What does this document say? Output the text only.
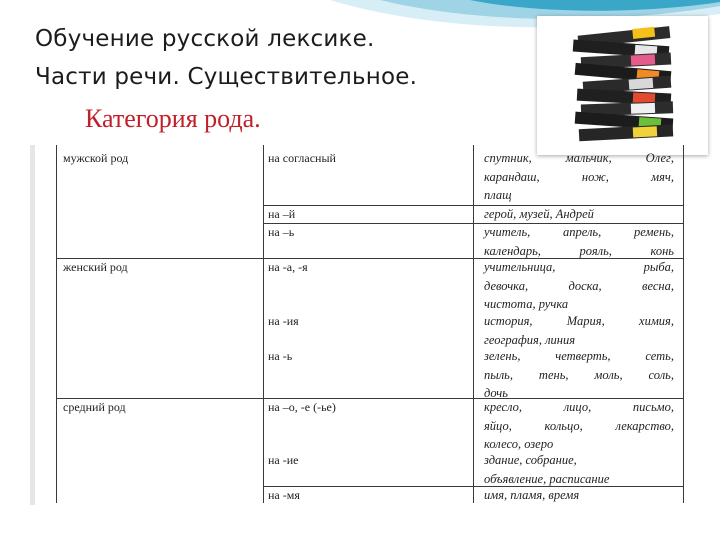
Обучение русской лексике.
Части речи. Существительное.
Категория рода.
мужской род	на согласный	спутник, мальчик, Олег,
карандаш, нож, мяч,
плащ
на –й	герой, музей, Андрей
на –ь	учитель, апрель, ремень,
календарь, рояль, конь
женский род	на -а, -я	учительница, рыба,
девочка, доска, весна,
чистота, ручка
на -ия	история, Мария, химия,
география, линия
на -ь	зелень, четверть, сеть,
пыль, тень, моль, соль,
дочь
средний род	на –о, -е (-ье)	кресло, лицо, письмо,
яйцо, кольцо, лекарство,
колесо, озеро
на -ие	здание, собрание,
объявление, расписание
на -мя	имя, пламя, время
